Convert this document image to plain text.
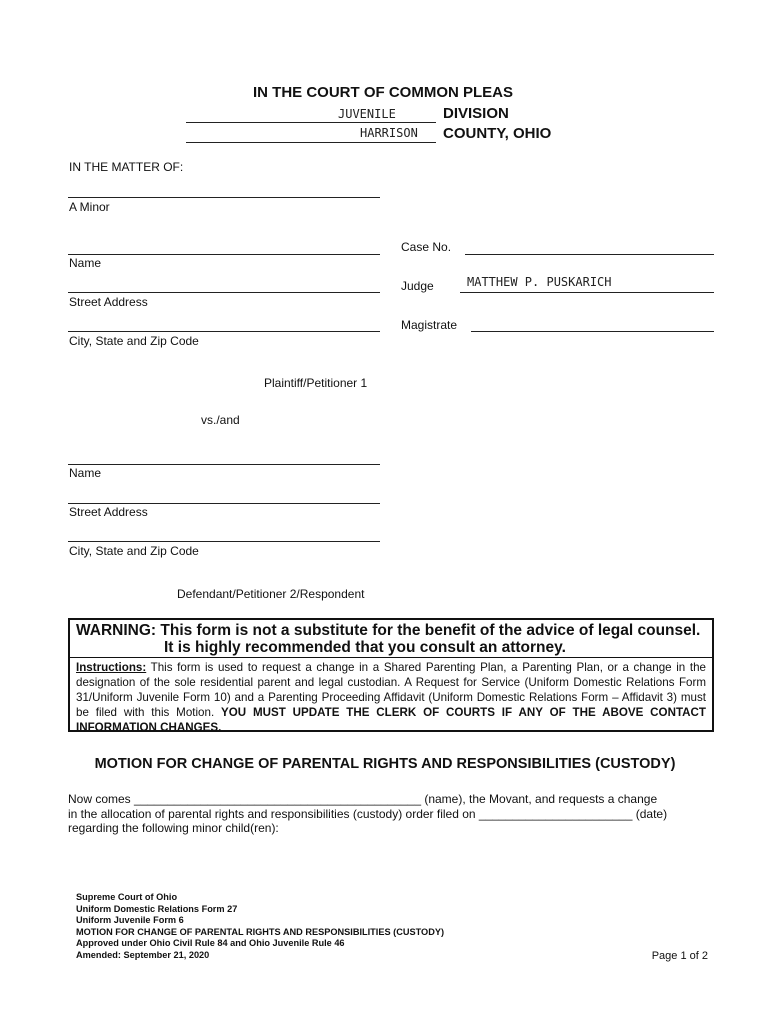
IN THE COURT OF COMMON PLEAS
JUVENILE	DIVISION
HARRISON COUNTY, OHIO
IN THE MATTER OF:
A Minor
Name
Street Address
City, State and Zip Code
Plaintiff/Petitioner 1
Case No.
Judge	MATTHEW P. PUSKARICH
Magistrate
vs./and
Name
Street Address
City, State and Zip Code
Defendant/Petitioner 2/Respondent
WARNING: This form is not a substitute for the benefit of the advice of legal counsel.
It is highly recommended that you consult an attorney.
Instructions: This form is used to request a change in a Shared Parenting Plan, a Parenting Plan, or a change in the designation of the sole residential parent and legal custodian. A Request for Service (Uniform Domestic Relations Form 31/Uniform Juvenile Form 10) and a Parenting Proceeding Affidavit (Uniform Domestic Relations Form – Affidavit 3) must be filed with this Motion. YOU MUST UPDATE THE CLERK OF COURTS IF ANY OF THE ABOVE CONTACT INFORMATION CHANGES.
MOTION FOR CHANGE OF PARENTAL RIGHTS AND RESPONSIBILITIES (CUSTODY)
Now comes ___________________________________________ (name), the Movant, and requests a change
in the allocation of parental rights and responsibilities (custody) order filed on _______________________ (date)
regarding the following minor child(ren):
Supreme Court of Ohio
Uniform Domestic Relations Form 27
Uniform Juvenile Form 6
MOTION FOR CHANGE OF PARENTAL RIGHTS AND RESPONSIBILITIES (CUSTODY)
Approved under Ohio Civil Rule 84 and Ohio Juvenile Rule 46
Amended: September 21, 2020	Page 1 of 2
